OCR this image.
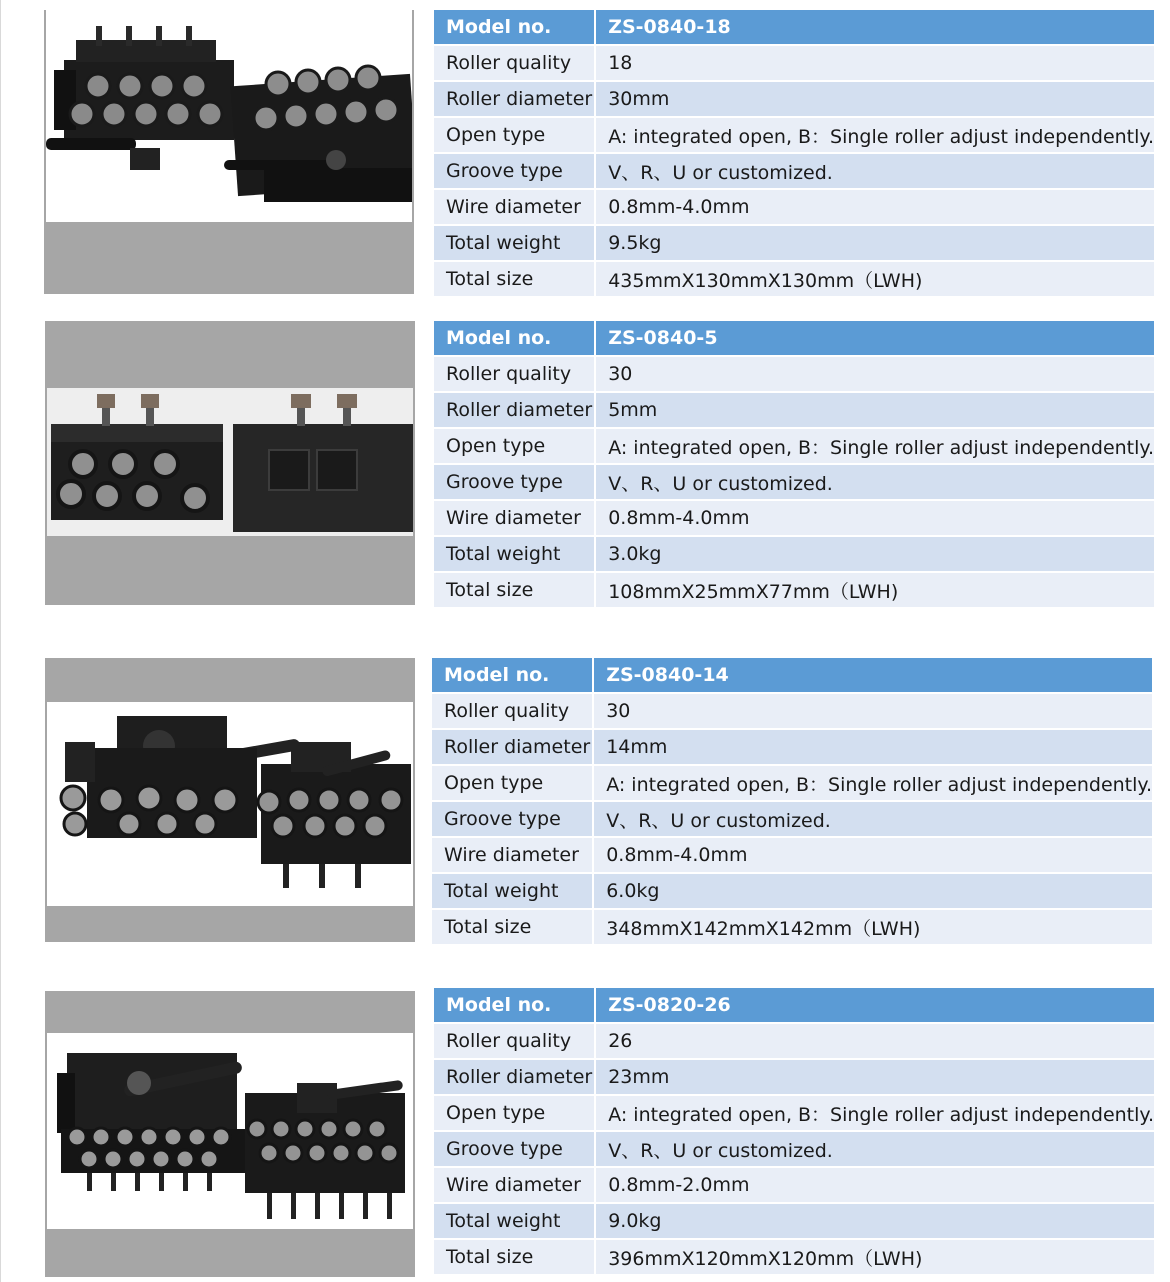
Model no.	ZS-0840-18
Roller quality	18
Roller diameter	30mm
Open type	A: integrated open, B：Single roller adjust independently.
Groove type	V、R、U or customized.
Wire diameter	0.8mm-4.0mm
Total weight	9.5kg
Total size	435mmX130mmX130mm（LWH)
Model no.	ZS-0840-5
Roller quality	30
Roller diameter	5mm
Open type	A: integrated open, B：Single roller adjust independently.
Groove type	V、R、U or customized.
Wire diameter	0.8mm-4.0mm
Total weight	3.0kg
Total size	108mmX25mmX77mm（LWH)
Model no.	ZS-0840-14
Roller quality	30
Roller diameter	14mm
Open type	A: integrated open, B：Single roller adjust independently.
Groove type	V、R、U or customized.
Wire diameter	0.8mm-4.0mm
Total weight	6.0kg
Total size	348mmX142mmX142mm（LWH)
Model no.	ZS-0820-26
Roller quality	26
Roller diameter	23mm
Open type	A: integrated open, B：Single roller adjust independently.
Groove type	V、R、U or customized.
Wire diameter	0.8mm-2.0mm
Total weight	9.0kg
Total size	396mmX120mmX120mm（LWH)
